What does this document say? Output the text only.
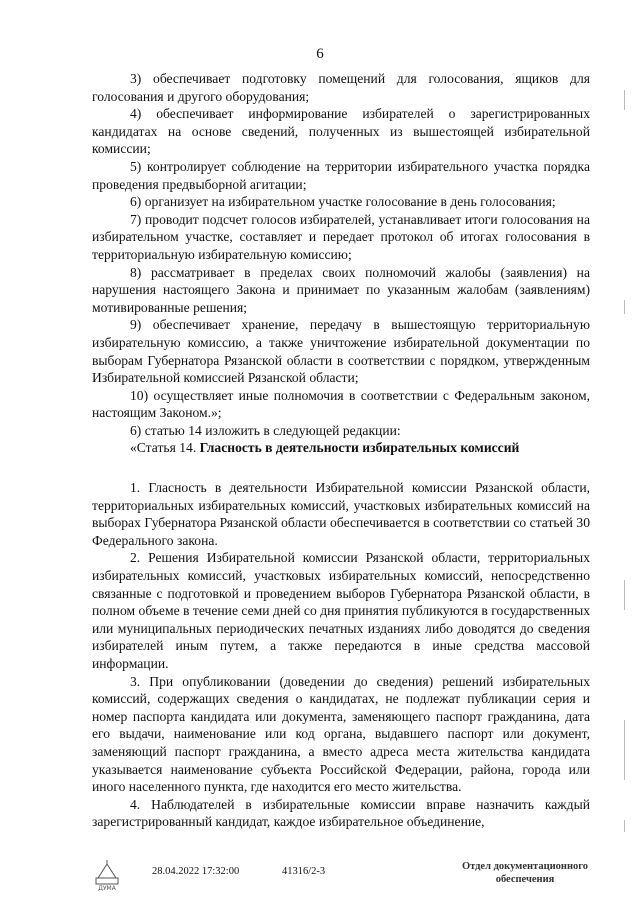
6

3) обеспечивает подготовку помещений для голосования, ящиков для голосования и другого оборудования;

4) обеспечивает информирование избирателей о зарегистрированных кандидатах на основе сведений, полученных из вышестоящей избирательной комиссии;

5) контролирует соблюдение на территории избирательного участка порядка проведения предвыборной агитации;

6) организует на избирательном участке голосование в день голосования;

7) проводит подсчет голосов избирателей, устанавливает итоги голосования на избирательном участке, составляет и передает протокол об итогах голосования в территориальную избирательную комиссию;

8) рассматривает в пределах своих полномочий жалобы (заявления) на нарушения настоящего Закона и принимает по указанным жалобам (заявлениям) мотивированные решения;

9) обеспечивает хранение, передачу в вышестоящую территориальную избирательную комиссию, а также уничтожение избирательной документации по выборам Губернатора Рязанской области в соответствии с порядком, утвержденным Избирательной комиссией Рязанской области;

10) осуществляет иные полномочия в соответствии с Федеральным законом, настоящим Законом.»;

6) статью 14 изложить в следующей редакции:

«Статья 14. Гласность в деятельности избирательных комиссий

1. Гласность в деятельности Избирательной комиссии Рязанской области, территориальных избирательных комиссий, участковых избирательных комиссий на выборах Губернатора Рязанской области обеспечивается в соответствии со статьей 30 Федерального закона.

2. Решения Избирательной комиссии Рязанской области, территориальных избирательных комиссий, участковых избирательных комиссий, непосредственно связанные с подготовкой и проведением выборов Губернатора Рязанской области, в полном объеме в течение семи дней со дня принятия публикуются в государственных или муниципальных периодических печатных изданиях либо доводятся до сведения избирателей иным путем, а также передаются в иные средства массовой информации.

3. При опубликовании (доведении до сведения) решений избирательных комиссий, содержащих сведения о кандидатах, не подлежат публикации серия и номер паспорта кандидата или документа, заменяющего паспорт гражданина, дата его выдачи, наименование или код органа, выдавшего паспорт или документ, заменяющий паспорт гражданина, а вместо адреса места жительства кандидата указывается наименование субъекта Российской Федерации, района, города или иного населенного пункта, где находится его место жительства.

4. Наблюдателей в избирательные комиссии вправе назначить каждый зарегистрированный кандидат, каждое избирательное объединение,

ДУМА
28.04.2022 17:32:00	41316/2-3	Отдел документационного
обеспечения
